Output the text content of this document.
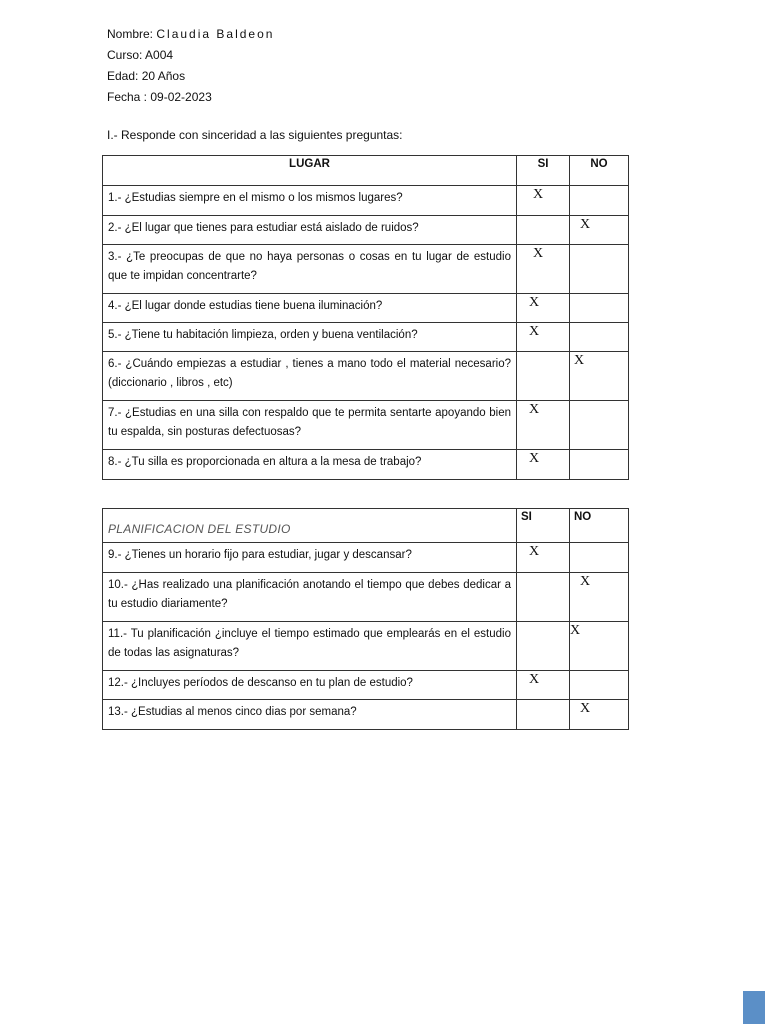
Nombre: Claudia Baldeon
Curso: A004
Edad: 20 Años
Fecha : 09-02-2023
I.- Responde con sinceridad a las siguientes preguntas:
LUGAR	SI	NO
1.- ¿Estudias siempre en el mismo o los mismos lugares?	X	
2.- ¿El lugar que tienes para estudiar está aislado de ruidos?		X
3.- ¿Te preocupas de que no haya personas o cosas en tu lugar de estudio que te impidan concentrarte?	X	
4.- ¿El lugar donde estudias tiene buena iluminación?	X	
5.- ¿Tiene tu habitación limpieza, orden y buena ventilación?	X	
6.- ¿Cuándo empiezas a estudiar , tienes a mano todo el material necesario?(diccionario , libros , etc)		X
7.- ¿Estudias en una silla con respaldo que te permita sentarte apoyando bien tu espalda, sin posturas defectuosas?	X	
8.- ¿Tu silla es proporcionada en altura a la mesa de trabajo?	X	
PLANIFICACION DEL ESTUDIO	SI	NO
9.- ¿Tienes un horario fijo para estudiar, jugar y descansar?	X	
10.- ¿Has realizado una planificación anotando el tiempo que debes dedicar a tu estudio diariamente?		X
11.- Tu planificación ¿incluye el tiempo estimado que emplearás en el estudio de todas las asignaturas?		X
12.- ¿Incluyes períodos de descanso en tu plan de estudio?	X	
13.- ¿Estudias al menos cinco dias por semana?		X
